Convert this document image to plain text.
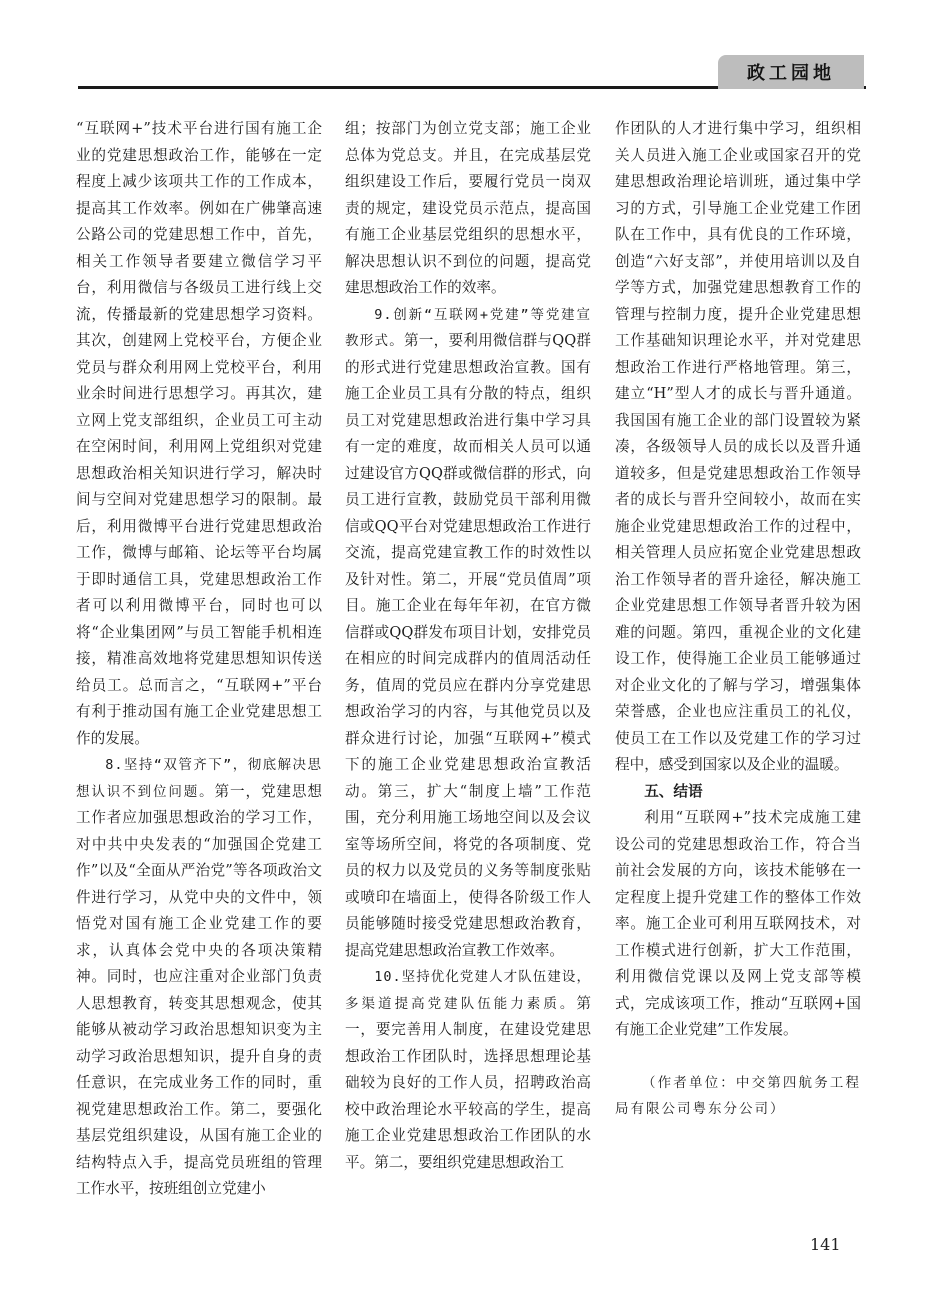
政工园地

“互联网+”技术平台进行国有施工企业的党建思想政治工作，能够在一定程度上减少该项共工作的工作成本，提高其工作效率。例如在广佛肇高速公路公司的党建思想工作中，首先，相关工作领导者要建立微信学习平台，利用微信与各级员工进行线上交流，传播最新的党建思想学习资料。其次，创建网上党校平台，方便企业党员与群众利用网上党校平台，利用业余时间进行思想学习。再其次，建立网上党支部组织，企业员工可主动在空闲时间，利用网上党组织对党建思想政治相关知识进行学习，解决时间与空间对党建思想学习的限制。最后，利用微博平台进行党建思想政治工作，微博与邮箱、论坛等平台均属于即时通信工具，党建思想政治工作者可以利用微博平台，同时也可以将“企业集团网”与员工智能手机相连接，精准高效地将党建思想知识传送给员工。总而言之，“互联网+”平台有利于推动国有施工企业党建思想工作的发展。

8.坚持“双管齐下”，彻底解决思想认识不到位问题。第一，党建思想工作者应加强思想政治的学习工作，对中共中央发表的“加强国企党建工作”以及“全面从严治党”等各项政治文件进行学习，从党中央的文件中，领悟党对国有施工企业党建工作的要求，认真体会党中央的各项决策精神。同时，也应注重对企业部门负责人思想教育，转变其思想观念，使其能够从被动学习政治思想知识变为主动学习政治思想知识，提升自身的责任意识，在完成业务工作的同时，重视党建思想政治工作。第二，要强化基层党组织建设，从国有施工企业的结构特点入手，提高党员班组的管理工作水平，按班组创立党建小

组；按部门为创立党支部；施工企业总体为党总支。并且，在完成基层党组织建设工作后，要履行党员一岗双责的规定，建设党员示范点，提高国有施工企业基层党组织的思想水平，解决思想认识不到位的问题，提高党建思想政治工作的效率。

9.创新“互联网+党建”等党建宣教形式。第一，要利用微信群与QQ群的形式进行党建思想政治宣教。国有施工企业员工具有分散的特点，组织员工对党建思想政治进行集中学习具有一定的难度，故而相关人员可以通过建设官方QQ群或微信群的形式，向员工进行宣教，鼓励党员干部利用微信或QQ平台对党建思想政治工作进行交流，提高党建宣教工作的时效性以及针对性。第二，开展“党员值周”项目。施工企业在每年年初，在官方微信群或QQ群发布项目计划，安排党员在相应的时间完成群内的值周活动任务，值周的党员应在群内分享党建思想政治学习的内容，与其他党员以及群众进行讨论，加强“互联网+”模式下的施工企业党建思想政治宣教活动。第三，扩大“制度上墙”工作范围，充分利用施工场地空间以及会议室等场所空间，将党的各项制度、党员的权力以及党员的义务等制度张贴或喷印在墙面上，使得各阶级工作人员能够随时接受党建思想政治教育，提高党建思想政治宣教工作效率。

10.坚持优化党建人才队伍建设，多渠道提高党建队伍能力素质。第一，要完善用人制度，在建设党建思想政治工作团队时，选择思想理论基础较为良好的工作人员，招聘政治高校中政治理论水平较高的学生，提高施工企业党建思想政治工作团队的水平。第二，要组织党建思想政治工

作团队的人才进行集中学习，组织相关人员进入施工企业或国家召开的党建思想政治理论培训班，通过集中学习的方式，引导施工企业党建工作团队在工作中，具有优良的工作环境，创造“六好支部”，并使用培训以及自学等方式，加强党建思想教育工作的管理与控制力度，提升企业党建思想工作基础知识理论水平，并对党建思想政治工作进行严格地管理。第三，建立“H”型人才的成长与晋升通道。我国国有施工企业的部门设置较为紧凑，各级领导人员的成长以及晋升通道较多，但是党建思想政治工作领导者的成长与晋升空间较小，故而在实施企业党建思想政治工作的过程中，相关管理人员应拓宽企业党建思想政治工作领导者的晋升途径，解决施工企业党建思想工作领导者晋升较为困难的问题。第四，重视企业的文化建设工作，使得施工企业员工能够通过对企业文化的了解与学习，增强集体荣誉感，企业也应注重员工的礼仪，使员工在工作以及党建工作的学习过程中，感受到国家以及企业的温暖。

五、结语

利用“互联网+”技术完成施工建设公司的党建思想政治工作，符合当前社会发展的方向，该技术能够在一定程度上提升党建工作的整体工作效率。施工企业可利用互联网技术，对工作模式进行创新，扩大工作范围，利用微信党课以及网上党支部等模式，完成该项工作，推动“互联网+国有施工企业党建”工作发展。

（作者单位：中交第四航务工程局有限公司粤东分公司）

141
